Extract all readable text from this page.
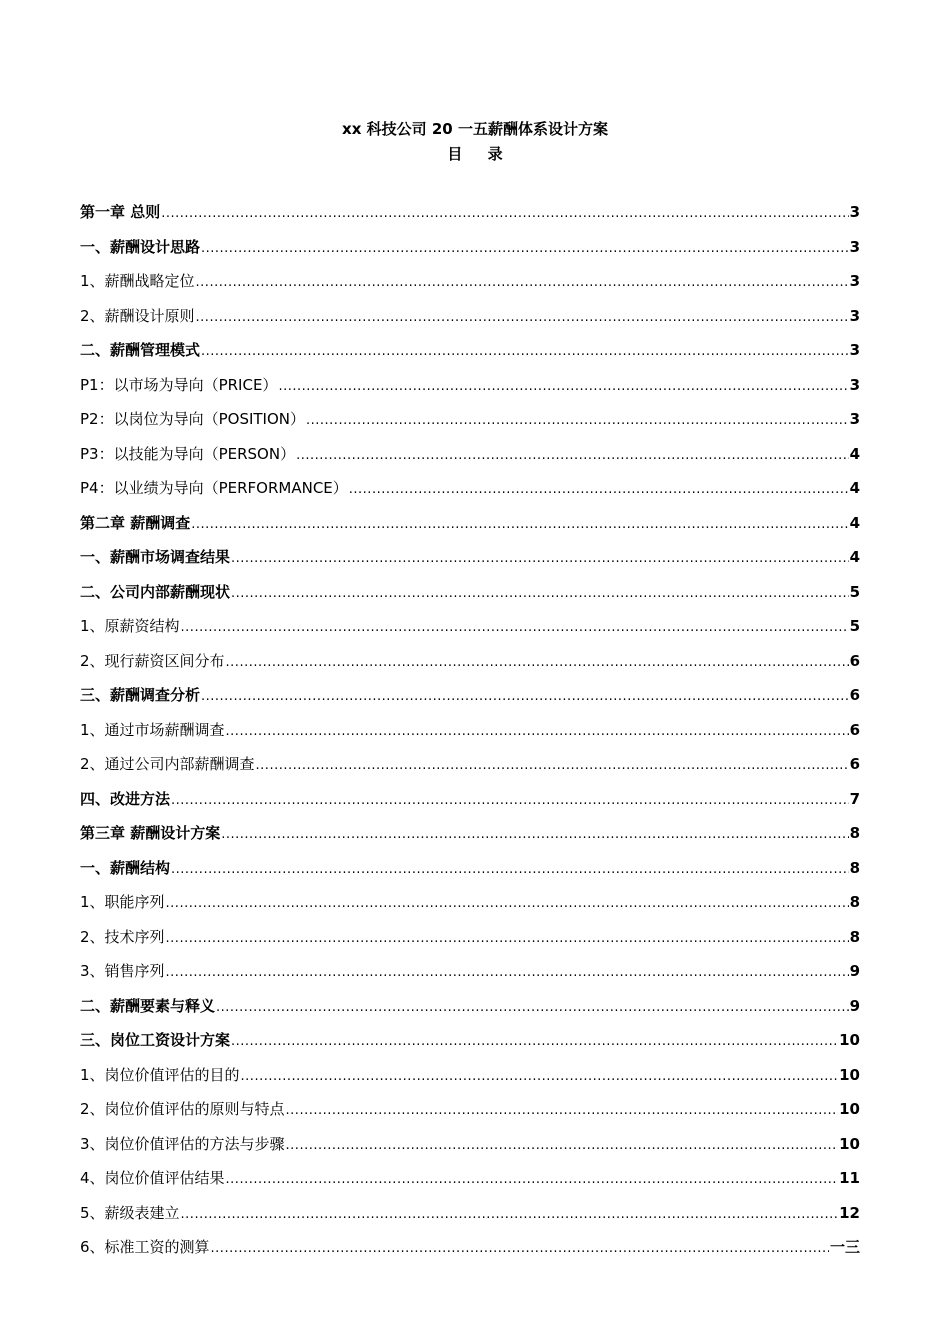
xx 科技公司 20 一五薪酬体系设计方案
目 录
第一章 总则 .....	3
一、薪酬设计思路 .....	3
1、薪酬战略定位 .....	3
2、薪酬设计原则 .....	3
二、薪酬管理模式 .....	3
P1：以市场为导向（PRICE） .....	3
P2：以岗位为导向（POSITION） .....	3
P3：以技能为导向（PERSON） .....	4
P4：以业绩为导向（PERFORMANCE） .....	4
第二章 薪酬调查 .....	4
一、薪酬市场调查结果 .....	4
二、公司内部薪酬现状 .....	5
1、原薪资结构 .....	5
2、现行薪资区间分布 .....	6
三、薪酬调查分析 .....	6
1、通过市场薪酬调查 .....	6
2、通过公司内部薪酬调查 .....	6
四、改进方法 .....	7
第三章 薪酬设计方案 .....	8
一、薪酬结构 .....	8
1、职能序列 .....	8
2、技术序列 .....	8
3、销售序列 .....	9
二、薪酬要素与释义 .....	9
三、岗位工资设计方案 .....	10
1、岗位价值评估的目的 .....	10
2、岗位价值评估的原则与特点 .....	10
3、岗位价值评估的方法与步骤 .....	10
4、岗位价值评估结果 .....	11
5、薪级表建立 .....	12
6、标准工资的测算 .....	一三
